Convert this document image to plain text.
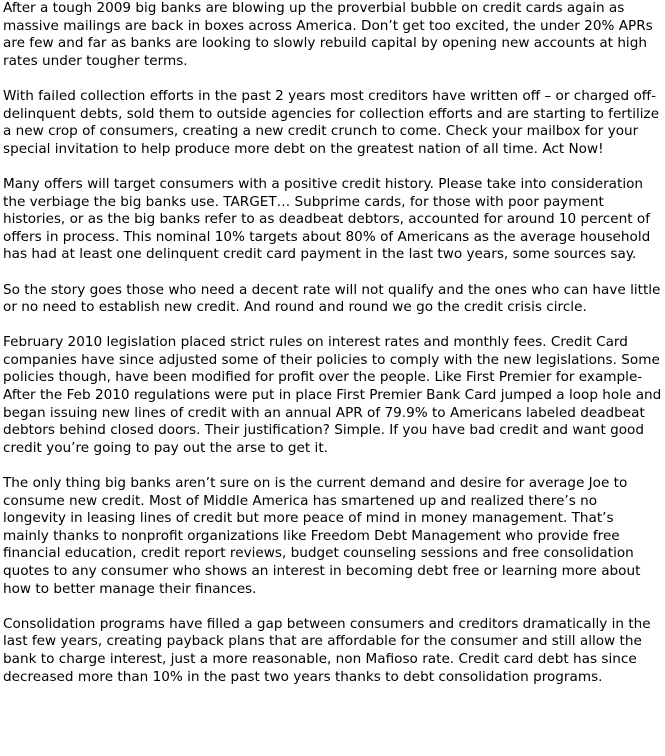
After a tough 2009 big banks are blowing up the proverbial bubble on credit cards again as massive mailings are back in boxes across America. Don’t get too excited, the under 20% APRs are few and far as banks are looking to slowly rebuild capital by opening new accounts at high rates under tougher terms.

With failed collection efforts in the past 2 years most creditors have written off – or charged off- delinquent debts, sold them to outside agencies for collection efforts and are starting to fertilize a new crop of consumers, creating a new credit crunch to come. Check your mailbox for your special invitation to help produce more debt on the greatest nation of all time. Act Now!

Many offers will target consumers with a positive credit history. Please take into consideration the verbiage the big banks use. TARGET… Subprime cards, for those with poor payment histories, or as the big banks refer to as deadbeat debtors, accounted for around 10 percent of offers in process. This nominal 10% targets about 80% of Americans as the average household has had at least one delinquent credit card payment in the last two years, some sources say.

So the story goes those who need a decent rate will not qualify and the ones who can have little or no need to establish new credit. And round and round we go the credit crisis circle.

February 2010 legislation placed strict rules on interest rates and monthly fees. Credit Card companies have since adjusted some of their policies to comply with the new legislations. Some policies though, have been modified for profit over the people. Like First Premier for example- After the Feb 2010 regulations were put in place First Premier Bank Card jumped a loop hole and began issuing new lines of credit with an annual APR of 79.9% to Americans labeled deadbeat debtors behind closed doors. Their justification? Simple. If you have bad credit and want good credit you’re going to pay out the arse to get it.

The only thing big banks aren’t sure on is the current demand and desire for average Joe to consume new credit. Most of Middle America has smartened up and realized there’s no longevity in leasing lines of credit but more peace of mind in money management. That’s mainly thanks to nonprofit organizations like Freedom Debt Management who provide free financial education, credit report reviews, budget counseling sessions and free consolidation quotes to any consumer who shows an interest in becoming debt free or learning more about how to better manage their finances.

Consolidation programs have filled a gap between consumers and creditors dramatically in the last few years, creating payback plans that are affordable for the consumer and still allow the bank to charge interest, just a more reasonable, non Mafioso rate. Credit card debt has since decreased more than 10% in the past two years thanks to debt consolidation programs.
